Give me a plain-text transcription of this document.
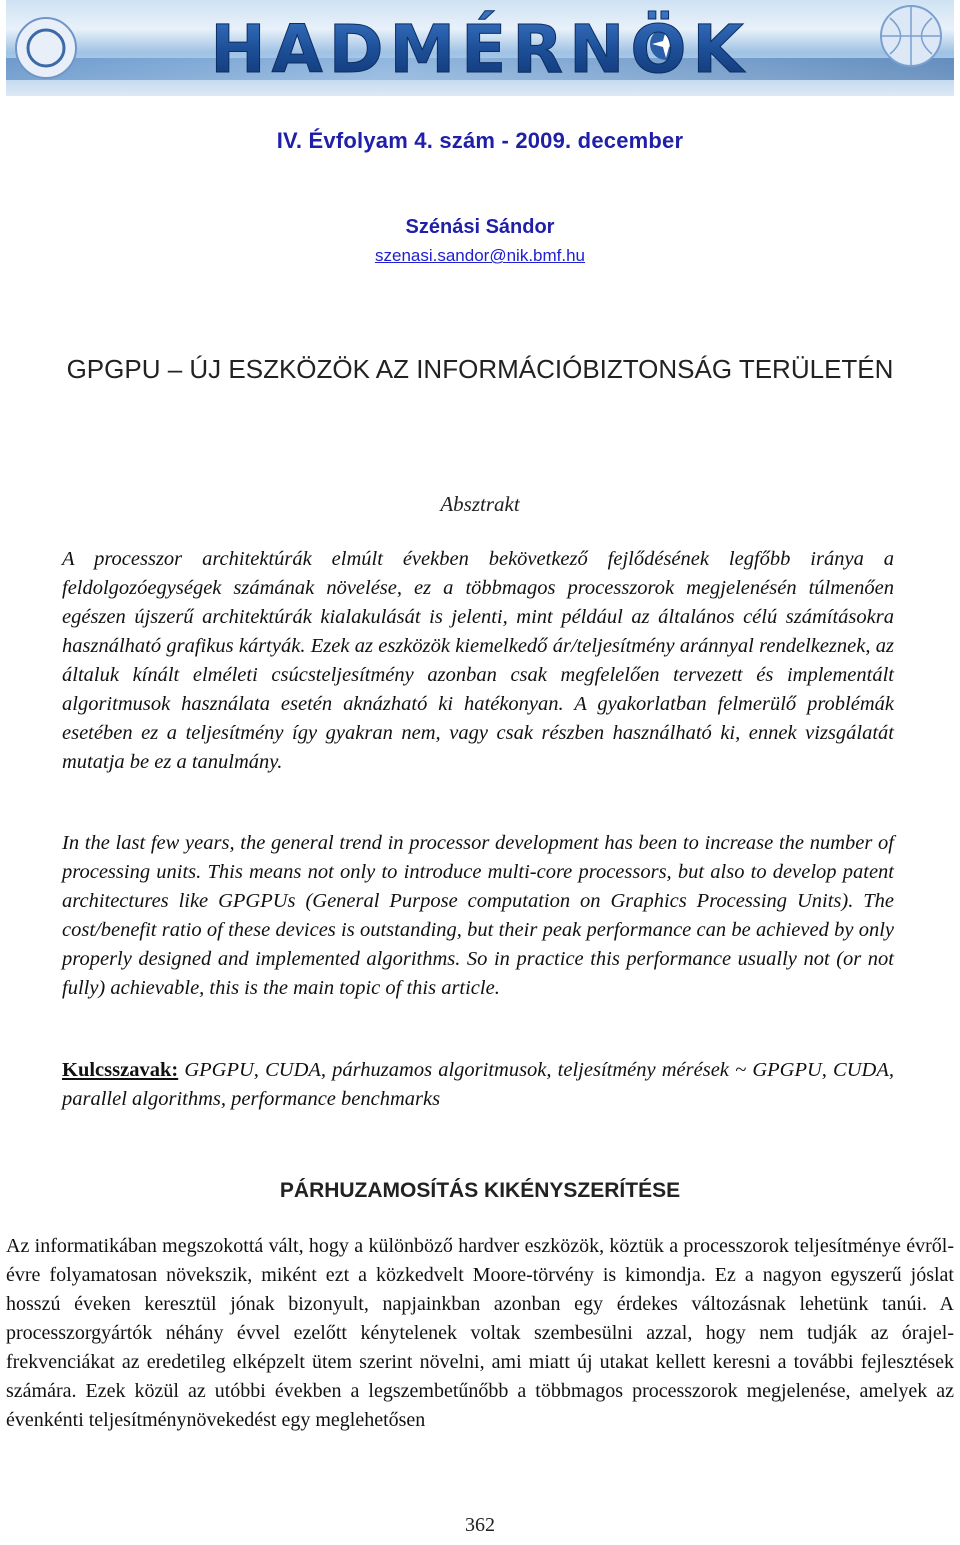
HADMÉRNÖK
IV. Évfolyam 4. szám - 2009. december
Szénási Sándor
szenasi.sandor@nik.bmf.hu
GPGPU – ÚJ ESZKÖZÖK AZ INFORMÁCIÓBIZTONSÁG TERÜLETÉN
Absztrakt
A processzor architektúrák elmúlt években bekövetkező fejlődésének legfőbb iránya a feldolgozóegységek számának növelése, ez a többmagos processzorok megjelenésén túlmenően egészen újszerű architektúrák kialakulását is jelenti, mint például az általános célú számításokra használható grafikus kártyák. Ezek az eszközök kiemelkedő ár/teljesítmény aránnyal rendelkeznek, az általuk kínált elméleti csúcsteljesítmény azonban csak megfelelően tervezett és implementált algoritmusok használata esetén aknázható ki hatékonyan. A gyakorlatban felmerülő problémák esetében ez a teljesítmény így gyakran nem, vagy csak részben használható ki, ennek vizsgálatát mutatja be ez a tanulmány.
In the last few years, the general trend in processor development has been to increase the number of processing units. This means not only to introduce multi-core processors, but also to develop patent architectures like GPGPUs (General Purpose computation on Graphics Processing Units). The cost/benefit ratio of these devices is outstanding, but their peak performance can be achieved by only properly designed and implemented algorithms. So in practice this performance usually not (or not fully) achievable, this is the main topic of this article.
Kulcsszavak: GPGPU, CUDA, párhuzamos algoritmusok, teljesítmény mérések ~ GPGPU, CUDA, parallel algorithms, performance benchmarks
PÁRHUZAMOSÍTÁS KIKÉNYSZERÍTÉSE
Az informatikában megszokottá vált, hogy a különböző hardver eszközök, köztük a processzorok teljesítménye évről-évre folyamatosan növekszik, miként ezt a közkedvelt Moore-törvény is kimondja. Ez a nagyon egyszerű jóslat hosszú éveken keresztül jónak bizonyult, napjainkban azonban egy érdekes változásnak lehetünk tanúi. A processzorgyártók néhány évvel ezelőtt kénytelenek voltak szembesülni azzal, hogy nem tudják az órajel-frekvenciákat az eredetileg elképzelt ütem szerint növelni, ami miatt új utakat kellett keresni a további fejlesztések számára. Ezek közül az utóbbi években a legszembetűnőbb a többmagos processzorok megjelenése, amelyek az évenkénti teljesítménynövekedést egy meglehetősen
362
